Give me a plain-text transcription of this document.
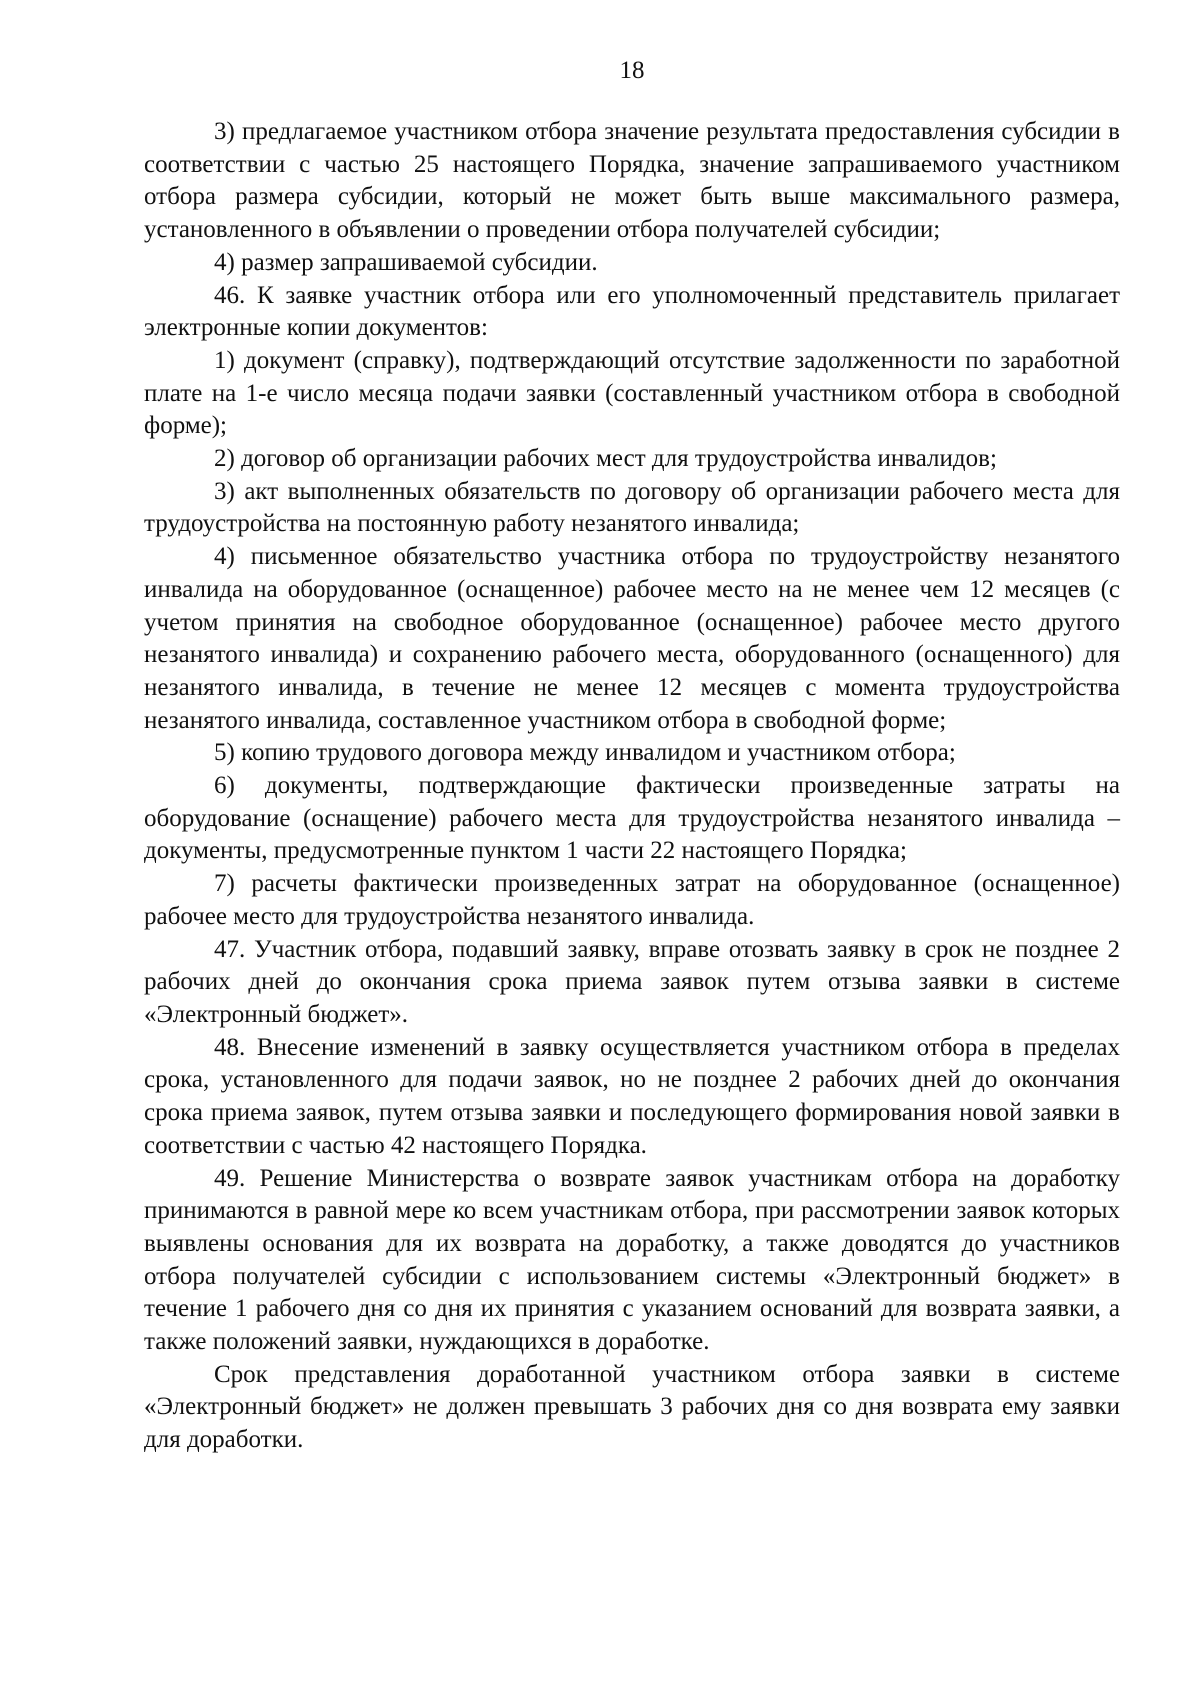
18

3) предлагаемое участником отбора значение результата предоставления субсидии в соответствии с частью 25 настоящего Порядка, значение запрашиваемого участником отбора размера субсидии, который не может быть выше максимального размера, установленного в объявлении о проведении отбора получателей субсидии;

4) размер запрашиваемой субсидии.

46. К заявке участник отбора или его уполномоченный представитель прилагает электронные копии документов:

1) документ (справку), подтверждающий отсутствие задолженности по заработной плате на 1-е число месяца подачи заявки (составленный участником отбора в свободной форме);

2) договор об организации рабочих мест для трудоустройства инвалидов;

3) акт выполненных обязательств по договору об организации рабочего места для трудоустройства на постоянную работу незанятого инвалида;

4) письменное обязательство участника отбора по трудоустройству незанятого инвалида на оборудованное (оснащенное) рабочее место на не менее чем 12 месяцев (с учетом принятия на свободное оборудованное (оснащенное) рабочее место другого незанятого инвалида) и сохранению рабочего места, оборудованного (оснащенного) для незанятого инвалида, в течение не менее 12 месяцев с момента трудоустройства незанятого инвалида, составленное участником отбора в свободной форме;

5) копию трудового договора между инвалидом и участником отбора;

6) документы, подтверждающие фактически произведенные затраты на оборудование (оснащение) рабочего места для трудоустройства незанятого инвалида – документы, предусмотренные пунктом 1 части 22 настоящего Порядка;

7) расчеты фактически произведенных затрат на оборудованное (оснащенное) рабочее место для трудоустройства незанятого инвалида.

47. Участник отбора, подавший заявку, вправе отозвать заявку в срок не позднее 2 рабочих дней до окончания срока приема заявок путем отзыва заявки в системе «Электронный бюджет».

48. Внесение изменений в заявку осуществляется участником отбора в пределах срока, установленного для подачи заявок, но не позднее 2 рабочих дней до окончания срока приема заявок, путем отзыва заявки и последующего формирования новой заявки в соответствии с частью 42 настоящего Порядка.

49. Решение Министерства о возврате заявок участникам отбора на доработку принимаются в равной мере ко всем участникам отбора, при рассмотрении заявок которых выявлены основания для их возврата на доработку, а также доводятся до участников отбора получателей субсидии с использованием системы «Электронный бюджет» в течение 1 рабочего дня со дня их принятия с указанием оснований для возврата заявки, а также положений заявки, нуждающихся в доработке.

Срок представления доработанной участником отбора заявки в системе «Электронный бюджет» не должен превышать 3 рабочих дня со дня возврата ему заявки для доработки.
